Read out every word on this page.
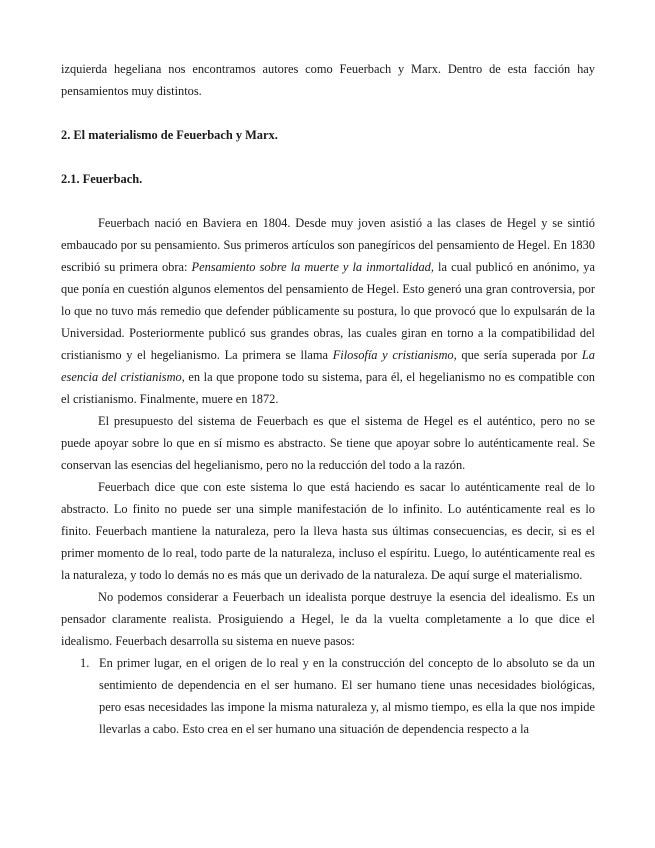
izquierda hegeliana nos encontramos autores como Feuerbach y Marx. Dentro de esta facción hay pensamientos muy distintos.

2. El materialismo de Feuerbach y Marx.

2.1. Feuerbach.

Feuerbach nació en Baviera en 1804. Desde muy joven asistió a las clases de Hegel y se sintió embaucado por su pensamiento. Sus primeros artículos son panegíricos del pensamiento de Hegel. En 1830 escribió su primera obra: Pensamiento sobre la muerte y la inmortalidad, la cual publicó en anónimo, ya que ponía en cuestión algunos elementos del pensamiento de Hegel. Esto generó una gran controversia, por lo que no tuvo más remedio que defender públicamente su postura, lo que provocó que lo expulsarán de la Universidad. Posteriormente publicó sus grandes obras, las cuales giran en torno a la compatibilidad del cristianismo y el hegelianismo. La primera se llama Filosofía y cristianismo, que sería superada por La esencia del cristianismo, en la que propone todo su sistema, para él, el hegelianismo no es compatible con el cristianismo. Finalmente, muere en 1872.

El presupuesto del sistema de Feuerbach es que el sistema de Hegel es el auténtico, pero no se puede apoyar sobre lo que en sí mismo es abstracto. Se tiene que apoyar sobre lo auténticamente real. Se conservan las esencias del hegelianismo, pero no la reducción del todo a la razón.

Feuerbach dice que con este sistema lo que está haciendo es sacar lo auténticamente real de lo abstracto. Lo finito no puede ser una simple manifestación de lo infinito. Lo auténticamente real es lo finito. Feuerbach mantiene la naturaleza, pero la lleva hasta sus últimas consecuencias, es decir, si es el primer momento de lo real, todo parte de la naturaleza, incluso el espíritu. Luego, lo auténticamente real es la naturaleza, y todo lo demás no es más que un derivado de la naturaleza. De aquí surge el materialismo.

No podemos considerar a Feuerbach un idealista porque destruye la esencia del idealismo. Es un pensador claramente realista. Prosiguiendo a Hegel, le da la vuelta completamente a lo que dice el idealismo. Feuerbach desarrolla su sistema en nueve pasos:

1. En primer lugar, en el origen de lo real y en la construcción del concepto de lo absoluto se da un sentimiento de dependencia en el ser humano. El ser humano tiene unas necesidades biológicas, pero esas necesidades las impone la misma naturaleza y, al mismo tiempo, es ella la que nos impide llevarlas a cabo. Esto crea en el ser humano una situación de dependencia respecto a la
